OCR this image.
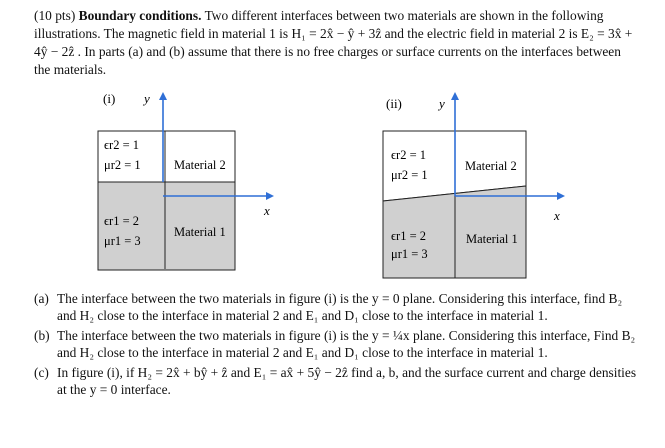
(10 pts) Boundary conditions. Two different interfaces between two materials are shown in the following illustrations. The magnetic field in material 1 is H₁ = 2x̂ − ŷ + 3ẑ and the electric field in material 2 is E₂ = 3x̂ + 4ŷ − 2ẑ . In parts (a) and (b) assume that there is no free charges or surface currents on the interfaces between the materials.
(i) y
x
ϵr2 = 1
μr2 = 1	Material 2
ϵr1 = 2
μr1 = 3
Material 1
(ii)	y
x
ϵr2 = 1
μr2 = 1
Material 2
ϵr1 = 2
μr1 = 3
Material 1
(a) The interface between the two materials in figure (i) is the y = 0 plane. Considering this interface, find B₂ and H₂ close to the interface in material 2 and E₁ and D₁ close to the interface in material 1.
(b) The interface between the two materials in figure (i) is the y = ¼x plane. Considering this interface, Find B₂ and H₂ close to the interface in material 2 and E₁ and D₁ close to the interface in material 1.
(c) In figure (i), if H₂ = 2x̂ + bŷ + ẑ and E₁ = ax̂ + 5ŷ − 2ẑ find a, b, and the surface current and charge densities at the y = 0 interface.
